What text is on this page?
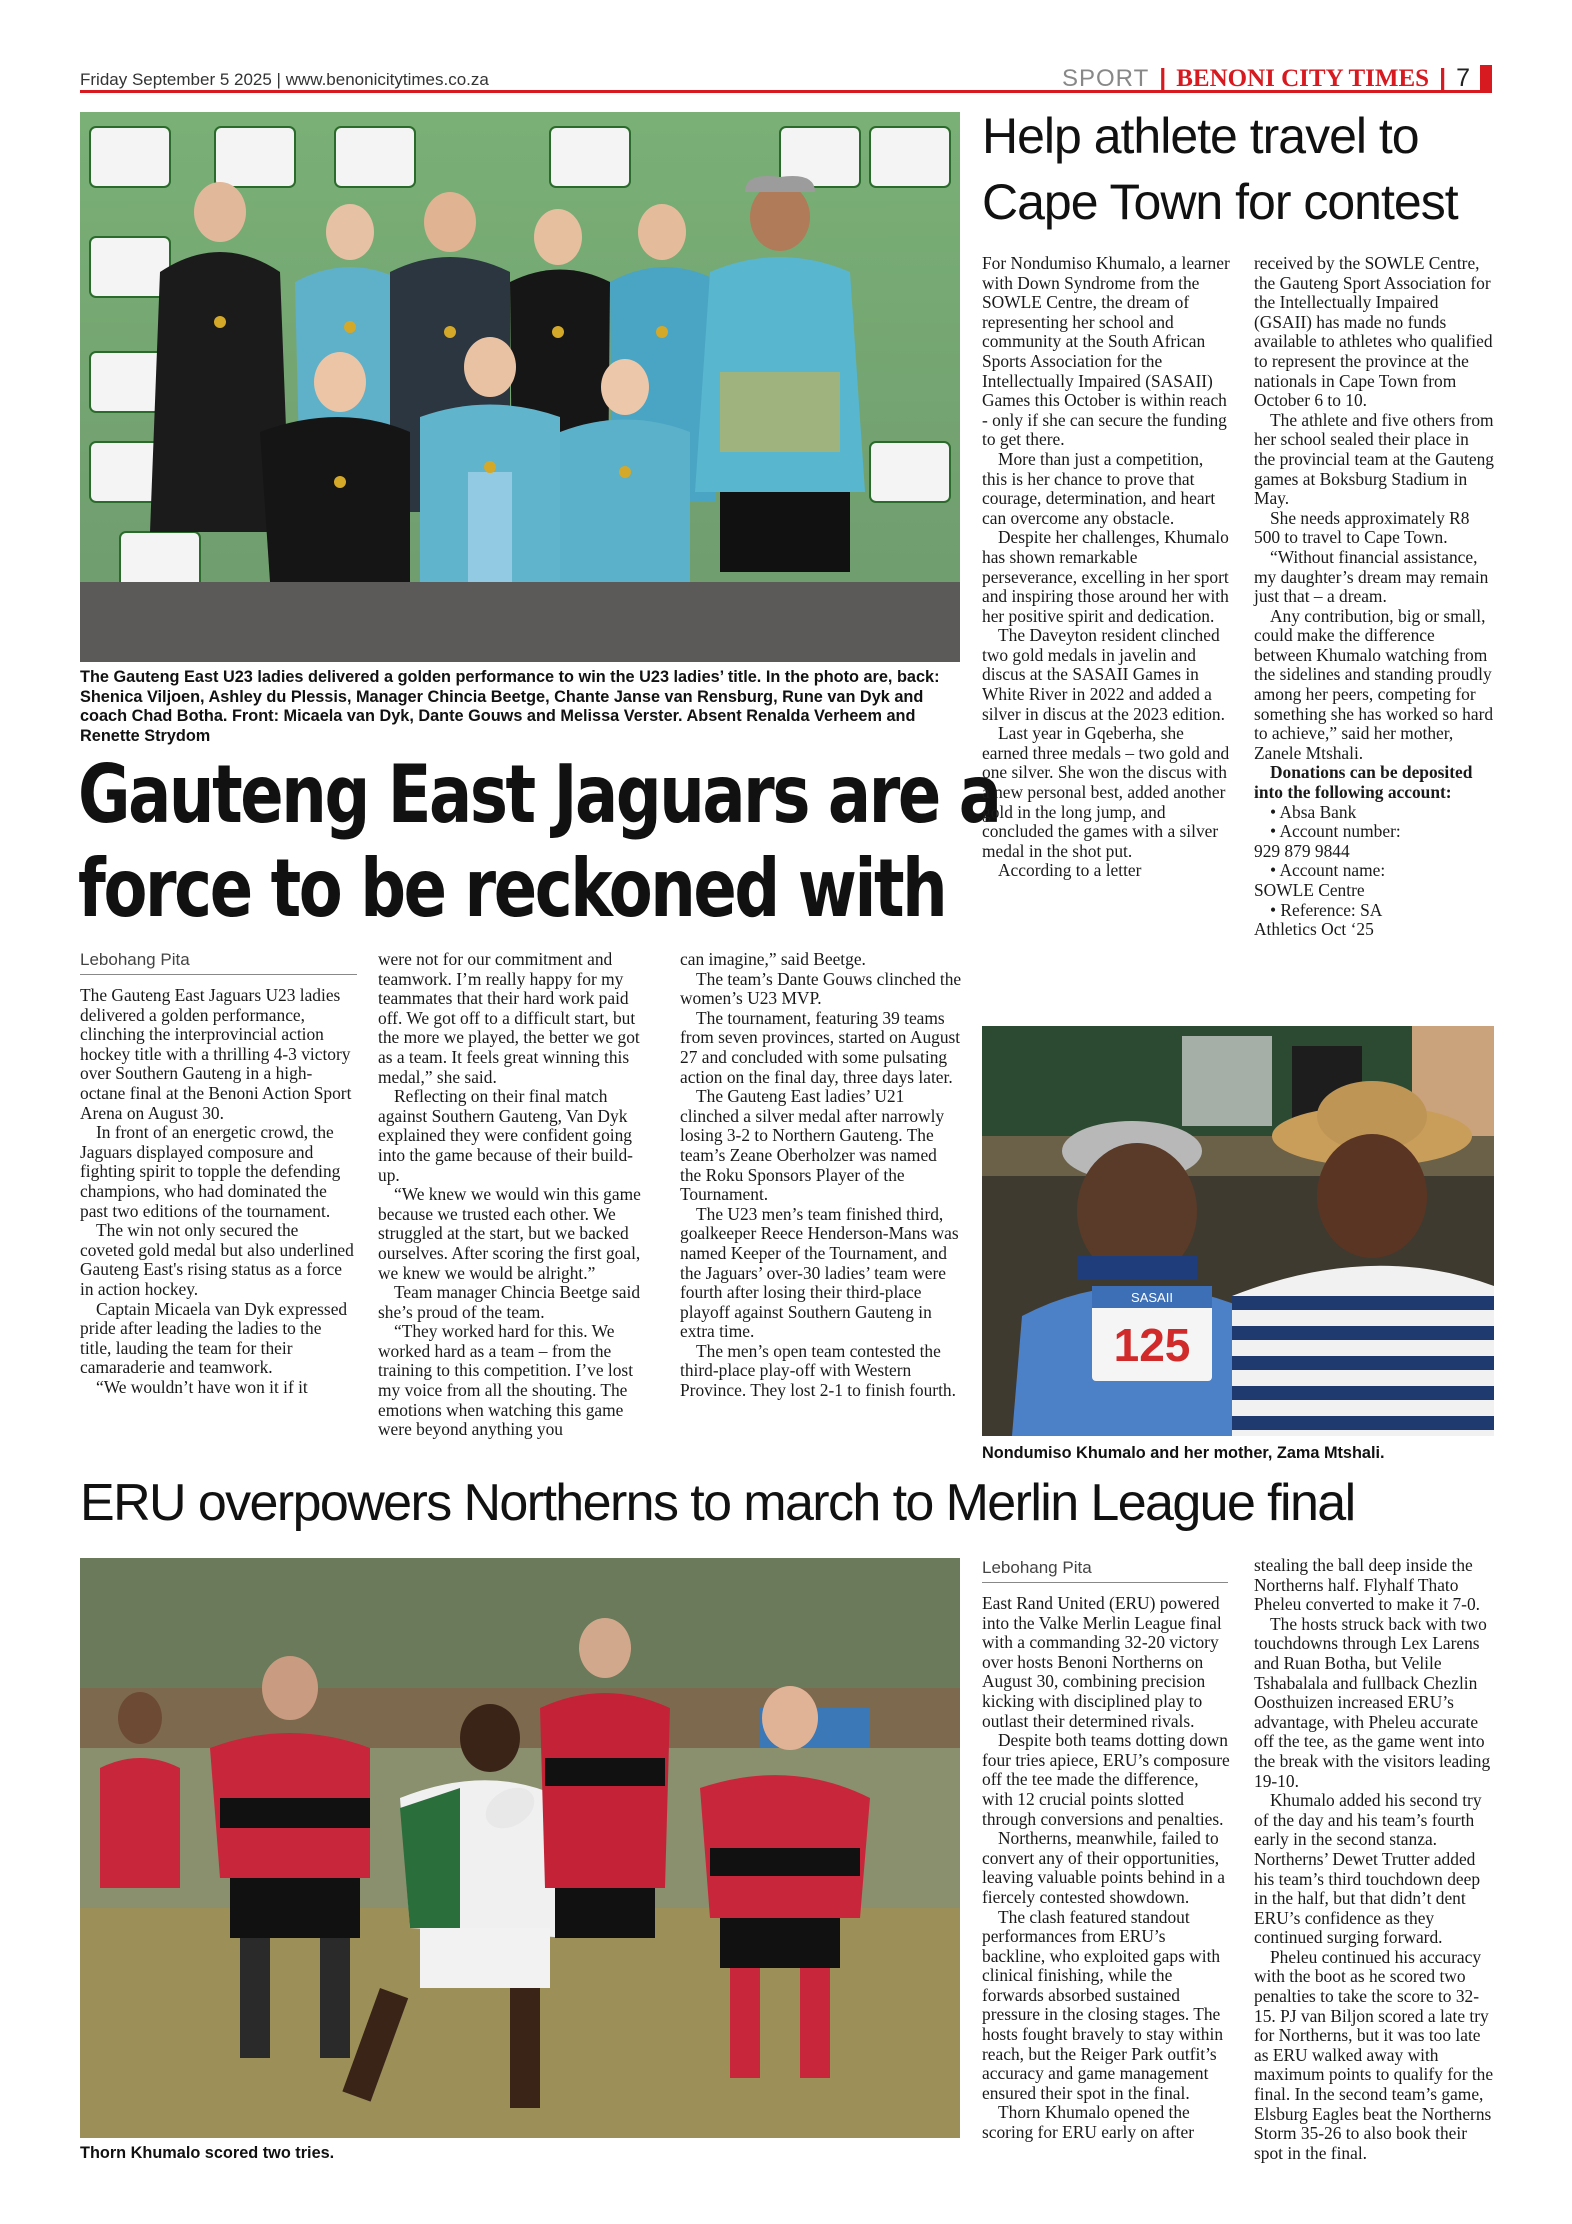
Friday September 5 2025 | www.benonicitytimes.co.za	SPORT | BENONI CITY TIMES | 7
The Gauteng East U23 ladies delivered a golden performance to win the U23 ladies’ title. In the photo are, back: Shenica Viljoen, Ashley du Plessis, Manager Chincia Beetge, Chante Janse van Rensburg, Rune van Dyk and coach Chad Botha. Front: Micaela van Dyk, Dante Gouws and Melissa Verster. Absent Renalda Verheem and Renette Strydom
Gauteng East Jaguars are a
force to be reckoned with
Lebohang Pita

The Gauteng East Jaguars U23 ladies delivered a golden performance, clinching the interprovincial action hockey title with a thrilling 4-3 victory over Southern Gauteng in a high-octane final at the Benoni Action Sport Arena on August 30.

In front of an energetic crowd, the Jaguars displayed composure and fighting spirit to topple the defending champions, who had dominated the past two editions of the tournament.

The win not only secured the coveted gold medal but also underlined Gauteng East's rising status as a force in action hockey.

Captain Micaela van Dyk expressed pride after leading the ladies to the title, lauding the team for their camaraderie and teamwork.

“We wouldn’t have won it if it

were not for our commitment and teamwork. I’m really happy for my teammates that their hard work paid off. We got off to a difficult start, but the more we played, the better we got as a team. It feels great winning this medal,” she said.

Reflecting on their final match against Southern Gauteng, Van Dyk explained they were confident going into the game because of their build-up.

“We knew we would win this game because we trusted each other. We struggled at the start, but we backed ourselves. After scoring the first goal, we knew we would be alright.”

Team manager Chincia Beetge said she’s proud of the team.

“They worked hard for this. We worked hard as a team – from the training to this competition. I’ve lost my voice from all the shouting. The emotions when watching this game were beyond anything you

can imagine,” said Beetge.

The team’s Dante Gouws clinched the women’s U23 MVP.

The tournament, featuring 39 teams from seven provinces, started on August 27 and concluded with some pulsating action on the final day, three days later.

The Gauteng East ladies’ U21 clinched a silver medal after narrowly losing 3-2 to Northern Gauteng. The team’s Zeane Oberholzer was named the Roku Sponsors Player of the Tournament.

The U23 men’s team finished third, goalkeeper Reece Henderson-Mans was named Keeper of the Tournament, and the Jaguars’ over-30 ladies’ team were fourth after losing their third-place playoff against Southern Gauteng in extra time.

The men’s open team contested the third-place play-off with Western Province. They lost 2-1 to finish fourth.

Help athlete travel to
Cape Town for contest

For Nondumiso Khumalo, a learner with Down Syndrome from the SOWLE Centre, the dream of representing her school and community at the South African Sports Association for the Intellectually Impaired (SASAII) Games this October is within reach - only if she can secure the funding to get there.

More than just a competition, this is her chance to prove that courage, determination, and heart can overcome any obstacle.

Despite her challenges, Khumalo has shown remarkable perseverance, excelling in her sport and inspiring those around her with her positive spirit and dedication.

The Daveyton resident clinched two gold medals in javelin and discus at the SASAII Games in White River in 2022 and added a silver in discus at the 2023 edition.

Last year in Gqeberha, she earned three medals – two gold and one silver. She won the discus with a new personal best, added another gold in the long jump, and concluded the games with a silver medal in the shot put.

According to a letter

received by the SOWLE Centre, the Gauteng Sport Association for the Intellectually Impaired (GSAII) has made no funds available to athletes who qualified to represent the province at the nationals in Cape Town from October 6 to 10.

The athlete and five others from her school sealed their place in the provincial team at the Gauteng games at Boksburg Stadium in May.

She needs approximately R8 500 to travel to Cape Town.

“Without financial assistance, my daughter’s dream may remain just that – a dream.

Any contribution, big or small, could make the difference between Khumalo watching from the sidelines and standing proudly among her peers, competing for something she has worked so hard to achieve,” said her mother, Zanele Mtshali.

Donations can be deposited into the following account:

• Absa Bank

• Account number:

929 879 9844

• Account name:

SOWLE Centre

• Reference: SA

Athletics Oct ‘25

SASAII
125
Nondumiso Khumalo and her mother, Zama Mtshali.
ERU overpowers Northerns to march to Merlin League final
Thorn Khumalo scored two tries.
Lebohang Pita

East Rand United (ERU) powered into the Valke Merlin League final with a commanding 32-20 victory over hosts Benoni Northerns on August 30, combining precision kicking with disciplined play to outlast their determined rivals.

Despite both teams dotting down four tries apiece, ERU’s composure off the tee made the difference, with 12 crucial points slotted through conversions and penalties.

Northerns, meanwhile, failed to convert any of their opportunities, leaving valuable points behind in a fiercely contested showdown.

The clash featured standout performances from ERU’s backline, who exploited gaps with clinical finishing, while the forwards absorbed sustained pressure in the closing stages. The hosts fought bravely to stay within reach, but the Reiger Park outfit’s accuracy and game management ensured their spot in the final.

Thorn Khumalo opened the scoring for ERU early on after

stealing the ball deep inside the Northerns half. Flyhalf Thato Pheleu converted to make it 7-0.

The hosts struck back with two touchdowns through Lex Larens and Ruan Botha, but Velile Tshabalala and fullback Chezlin Oosthuizen increased ERU’s advantage, with Pheleu accurate off the tee, as the game went into the break with the visitors leading 19-10.

Khumalo added his second try of the day and his team’s fourth early in the second stanza. Northerns’ Dewet Trutter added his team’s third touchdown deep in the half, but that didn’t dent ERU’s confidence as they continued surging forward.

Pheleu continued his accuracy with the boot as he scored two penalties to take the score to 32-15. PJ van Biljon scored a late try for Northerns, but it was too late as ERU walked away with maximum points to qualify for the final. In the second team’s game, Elsburg Eagles beat the Northerns Storm 35-26 to also book their spot in the final.
